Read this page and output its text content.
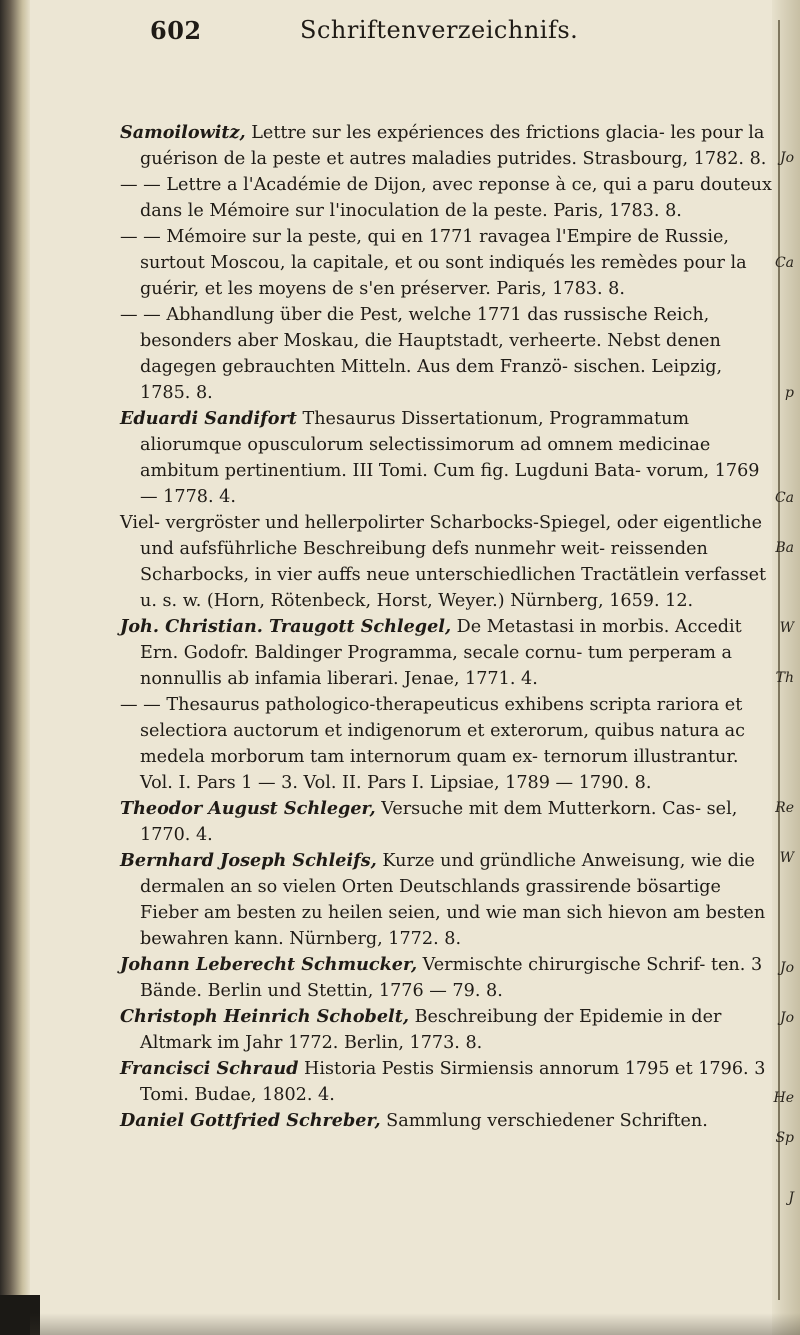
602	Schriftenverzeichnifs.

Samoilowitz, Lettre sur les expériences des frictions glacia- les pour la guérison de la peste et autres maladies putrides. Strasbourg, 1782. 8.

— — Lettre a l'Académie de Dijon, avec reponse à ce, qui a paru douteux dans le Mémoire sur l'inoculation de la peste. Paris, 1783. 8.

— — Mémoire sur la peste, qui en 1771 ravagea l'Empire de Russie, surtout Moscou, la capitale, et ou sont indiqués les remèdes pour la guérir, et les moyens de s'en préserver. Paris, 1783. 8.

— — Abhandlung über die Pest, welche 1771 das russische Reich, besonders aber Moskau, die Hauptstadt, verheerte. Nebst denen dagegen gebrauchten Mitteln. Aus dem Franzö- sischen. Leipzig, 1785. 8.

Eduardi Sandifort Thesaurus Dissertationum, Programmatum aliorumque opusculorum selectissimorum ad omnem medicinae ambitum pertinentium. III Tomi. Cum fig. Lugduni Bata- vorum, 1769 — 1778. 4.

Viel- vergröster und hellerpolirter Scharbocks-Spiegel, oder eigentliche und aufsführliche Beschreibung defs nunmehr weit- reissenden Scharbocks, in vier auffs neue unterschiedlichen Tractätlein verfasset u. s. w. (Horn, Rötenbeck, Horst, Weyer.) Nürnberg, 1659. 12.

Joh. Christian. Traugott Schlegel, De Metastasi in morbis. Accedit Ern. Godofr. Baldinger Programma, secale cornu- tum perperam a nonnullis ab infamia liberari. Jenae, 1771. 4.

— — Thesaurus pathologico-therapeuticus exhibens scripta rariora et selectiora auctorum et indigenorum et exterorum, quibus natura ac medela morborum tam internorum quam ex- ternorum illustrantur. Vol. I. Pars 1 — 3. Vol. II. Pars I. Lipsiae, 1789 — 1790. 8.

Theodor August Schleger, Versuche mit dem Mutterkorn. Cas- sel, 1770. 4.

Bernhard Joseph Schleifs, Kurze und gründliche Anweisung, wie die dermalen an so vielen Orten Deutschlands grassirende bösartige Fieber am besten zu heilen seien, und wie man sich hievon am besten bewahren kann. Nürnberg, 1772. 8.

Johann Leberecht Schmucker, Vermischte chirurgische Schrif- ten. 3 Bände. Berlin und Stettin, 1776 — 79. 8.

Christoph Heinrich Schobelt, Beschreibung der Epidemie in der Altmark im Jahr 1772. Berlin, 1773. 8.

Francisci Schraud Historia Pestis Sirmiensis annorum 1795 et 1796. 3 Tomi. Budae, 1802. 4.

Daniel Gottfried Schreber, Sammlung verschiedener Schriften.

Jo
Ca
p
Ca
Ba
W
Th
Re
W
Jo
Jo
He
Sp
J
